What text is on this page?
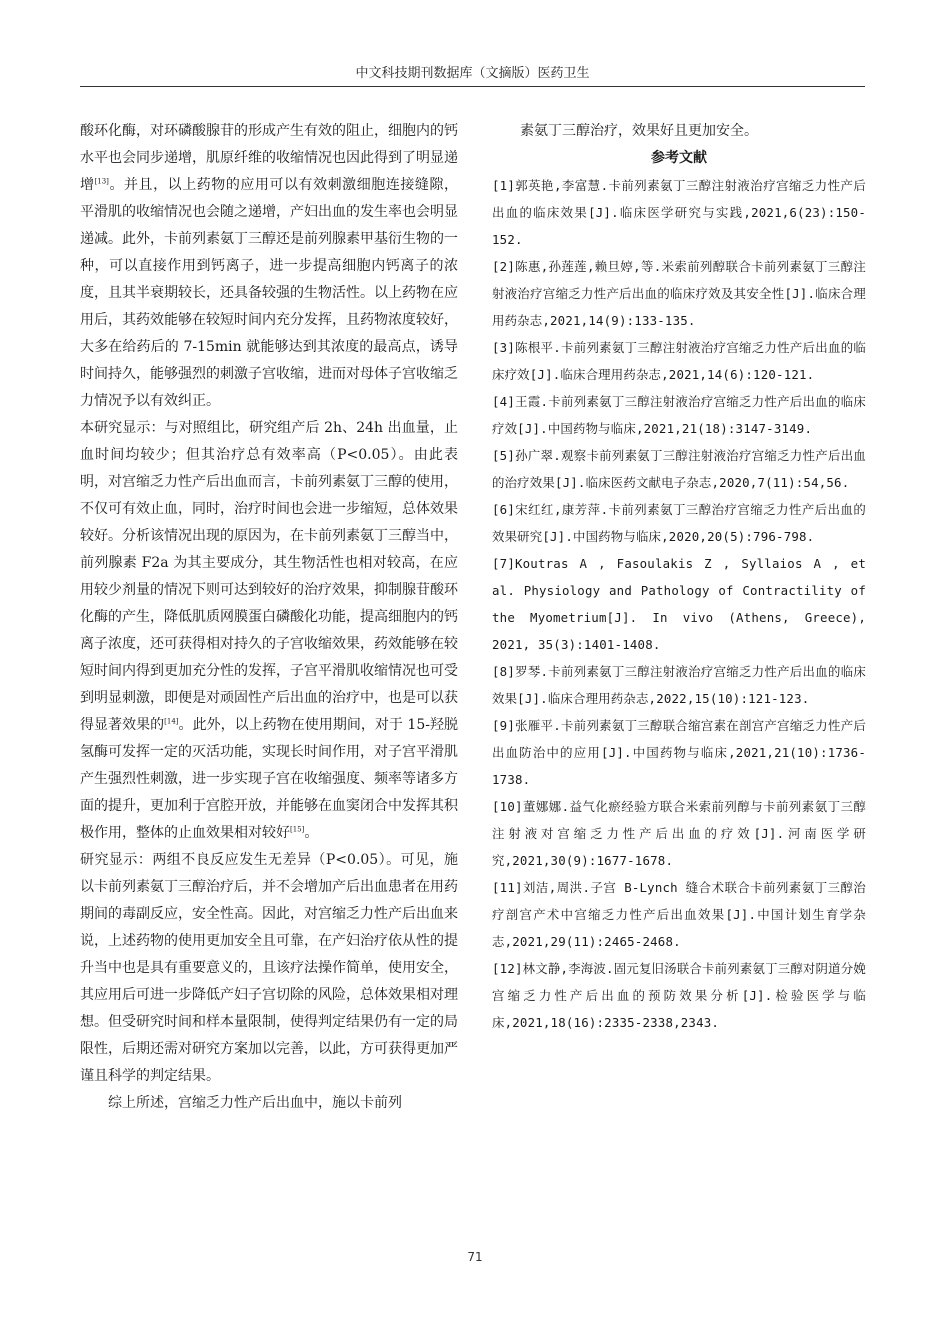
中文科技期刊数据库（文摘版）医药卫生

酸环化酶，对环磷酸腺苷的形成产生有效的阻止，细胞内的钙水平也会同步递增，肌原纤维的收缩情况也因此得到了明显递增[13]。并且，以上药物的应用可以有效刺激细胞连接缝隙，平滑肌的收缩情况也会随之递增，产妇出血的发生率也会明显递减。此外，卡前列素氨丁三醇还是前列腺素甲基衍生物的一种，可以直接作用到钙离子，进一步提高细胞内钙离子的浓度，且其半衰期较长，还具备较强的生物活性。以上药物在应用后，其药效能够在较短时间内充分发挥，且药物浓度较好，大多在给药后的 7-15min 就能够达到其浓度的最高点，诱导时间持久，能够强烈的刺激子宫收缩，进而对母体子宫收缩乏力情况予以有效纠正。

本研究显示：与对照组比，研究组产后 2h、24h 出血量，止血时间均较少；但其治疗总有效率高（P<0.05）。由此表明，对宫缩乏力性产后出血而言，卡前列素氨丁三醇的使用，不仅可有效止血，同时，治疗时间也会进一步缩短，总体效果较好。分析该情况出现的原因为，在卡前列素氨丁三醇当中，前列腺素 F2a 为其主要成分，其生物活性也相对较高，在应用较少剂量的情况下则可达到较好的治疗效果，抑制腺苷酸环化酶的产生，降低肌质网膜蛋白磷酸化功能，提高细胞内的钙离子浓度，还可获得相对持久的子宫收缩效果，药效能够在较短时间内得到更加充分性的发挥，子宫平滑肌收缩情况也可受到明显刺激，即便是对顽固性产后出血的治疗中，也是可以获得显著效果的[14]。此外，以上药物在使用期间，对于 15-羟脱氢酶可发挥一定的灭活功能，实现长时间作用，对子宫平滑肌产生强烈性刺激，进一步实现子宫在收缩强度、频率等诸多方面的提升，更加利于宫腔开放，并能够在血窦闭合中发挥其积极作用，整体的止血效果相对较好[15]。

研究显示：两组不良反应发生无差异（P<0.05）。可见，施以卡前列素氨丁三醇治疗后，并不会增加产后出血患者在用药期间的毒副反应，安全性高。因此，对宫缩乏力性产后出血来说，上述药物的使用更加安全且可靠，在产妇治疗依从性的提升当中也是具有重要意义的，且该疗法操作简单，使用安全，其应用后可进一步降低产妇子宫切除的风险，总体效果相对理想。但受研究时间和样本量限制，使得判定结果仍有一定的局限性，后期还需对研究方案加以完善，以此，方可获得更加严谨且科学的判定结果。

综上所述，宫缩乏力性产后出血中，施以卡前列

素氨丁三醇治疗，效果好且更加安全。

参考文献

[1]郭英艳,李富慧.卡前列素氨丁三醇注射液治疗宫缩乏力性产后出血的临床效果[J].临床医学研究与实践,2021,6(23):150-152.
[2]陈惠,孙莲莲,赖旦婷,等.米索前列醇联合卡前列素氨丁三醇注射液治疗宫缩乏力性产后出血的临床疗效及其安全性[J].临床合理用药杂志,2021,14(9):133-135.
[3]陈根平.卡前列素氨丁三醇注射液治疗宫缩乏力性产后出血的临床疗效[J].临床合理用药杂志,2021,14(6):120-121.
[4]王霞.卡前列素氨丁三醇注射液治疗宫缩乏力性产后出血的临床疗效[J].中国药物与临床,2021,21(18):3147-3149.
[5]孙广翠.观察卡前列素氨丁三醇注射液治疗宫缩乏力性产后出血的治疗效果[J].临床医药文献电子杂志,2020,7(11):54,56.
[6]宋红红,康芳萍.卡前列素氨丁三醇治疗宫缩乏力性产后出血的效果研究[J].中国药物与临床,2020,20(5):796-798.
[7]Koutras A , Fasoulakis Z , Syllaios A , et al. Physiology and Pathology of Contractility of the Myometrium[J]. In vivo (Athens, Greece), 2021, 35(3):1401-1408.
[8]罗琴.卡前列素氨丁三醇注射液治疗宫缩乏力性产后出血的临床效果[J].临床合理用药杂志,2022,15(10):121-123.
[9]张雁平.卡前列素氨丁三醇联合缩宫素在剖宫产宫缩乏力性产后出血防治中的应用[J].中国药物与临床,2021,21(10):1736-1738.
[10]董娜娜.益气化瘀经验方联合米索前列醇与卡前列素氨丁三醇注射液对宫缩乏力性产后出血的疗效[J].河南医学研究,2021,30(9):1677-1678.
[11]刘洁,周洪.子宫 B-Lynch 缝合术联合卡前列素氨丁三醇治疗剖宫产术中宫缩乏力性产后出血效果[J].中国计划生育学杂志,2021,29(11):2465-2468.
[12]林文静,李海波.固元复旧汤联合卡前列素氨丁三醇对阴道分娩宫缩乏力性产后出血的预防效果分析[J].检验医学与临床,2021,18(16):2335-2338,2343.
71
